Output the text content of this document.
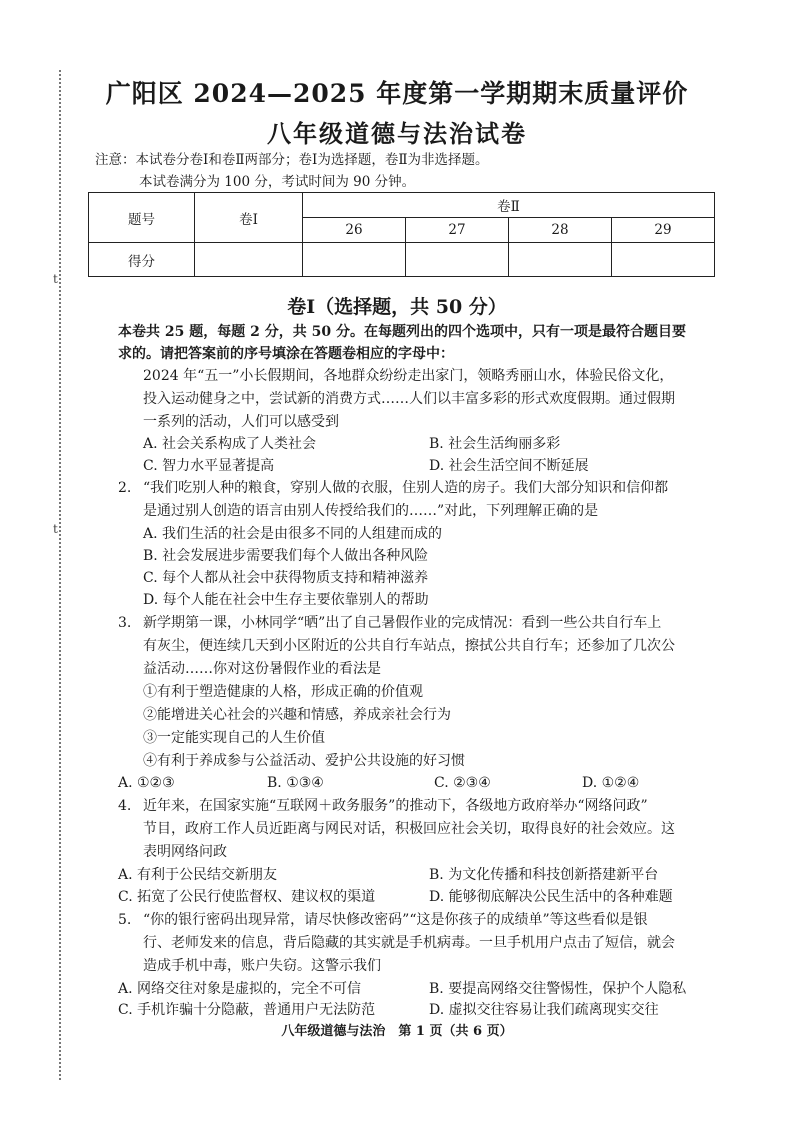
t
t
广阳区 2024—2025 年度第一学期期末质量评价
八年级道德与法治试卷
注意：本试卷分卷Ⅰ和卷Ⅱ两部分；卷Ⅰ为选择题，卷Ⅱ为非选择题。
本试卷满分为 100 分，考试时间为 90 分钟。
题号	卷Ⅰ	卷Ⅱ			
		26	27	28	29
得分					
卷Ⅰ（选择题，共 50 分）
本卷共 25 题，每题 2 分，共 50 分。在每题列出的四个选项中，只有一项是最符合题目要
求的。请把答案前的序号填涂在答题卷相应的字母中：
2024 年“五一”小长假期间，各地群众纷纷走出家门，领略秀丽山水，体验民俗文化，
投入运动健身之中，尝试新的消费方式……人们以丰富多彩的形式欢度假期。通过假期
一系列的活动，人们可以感受到
A. 社会关系构成了人类社会	B. 社会生活绚丽多彩
C. 智力水平显著提高	D. 社会生活空间不断延展
2. “我们吃别人种的粮食，穿别人做的衣服，住别人造的房子。我们大部分知识和信仰都
是通过别人创造的语言由别人传授给我们的……”对此，下列理解正确的是
A. 我们生活的社会是由很多不同的人组建而成的
B. 社会发展进步需要我们每个人做出各种风险
C. 每个人都从社会中获得物质支持和精神滋养
D. 每个人能在社会中生存主要依靠别人的帮助
3. 新学期第一课，小林同学“晒”出了自己暑假作业的完成情况：看到一些公共自行车上
有灰尘，便连续几天到小区附近的公共自行车站点，擦拭公共自行车；还参加了几次公
益活动……你对这份暑假作业的看法是
①有利于塑造健康的人格，形成正确的价值观
②能增进关心社会的兴趣和情感，养成亲社会行为
③一定能实现自己的人生价值
④有利于养成参与公益活动、爱护公共设施的好习惯
A. ①②③	B. ①③④	C. ②③④	D. ①②④
4. 近年来，在国家实施“互联网＋政务服务”的推动下，各级地方政府举办“网络问政”
节目，政府工作人员近距离与网民对话，积极回应社会关切，取得良好的社会效应。这
表明网络问政
A. 有利于公民结交新朋友	B. 为文化传播和科技创新搭建新平台
C. 拓宽了公民行使监督权、建议权的渠道	D. 能够彻底解决公民生活中的各种难题
5. “你的银行密码出现异常，请尽快修改密码”“这是你孩子的成绩单”等这些看似是银
行、老师发来的信息，背后隐藏的其实就是手机病毒。一旦手机用户点击了短信，就会
造成手机中毒，账户失窃。这警示我们
A. 网络交往对象是虚拟的，完全不可信	B. 要提高网络交往警惕性，保护个人隐私
C. 手机诈骗十分隐蔽，普通用户无法防范	D. 虚拟交往容易让我们疏离现实交往
八年级道德与法治　第 1 页（共 6 页）
